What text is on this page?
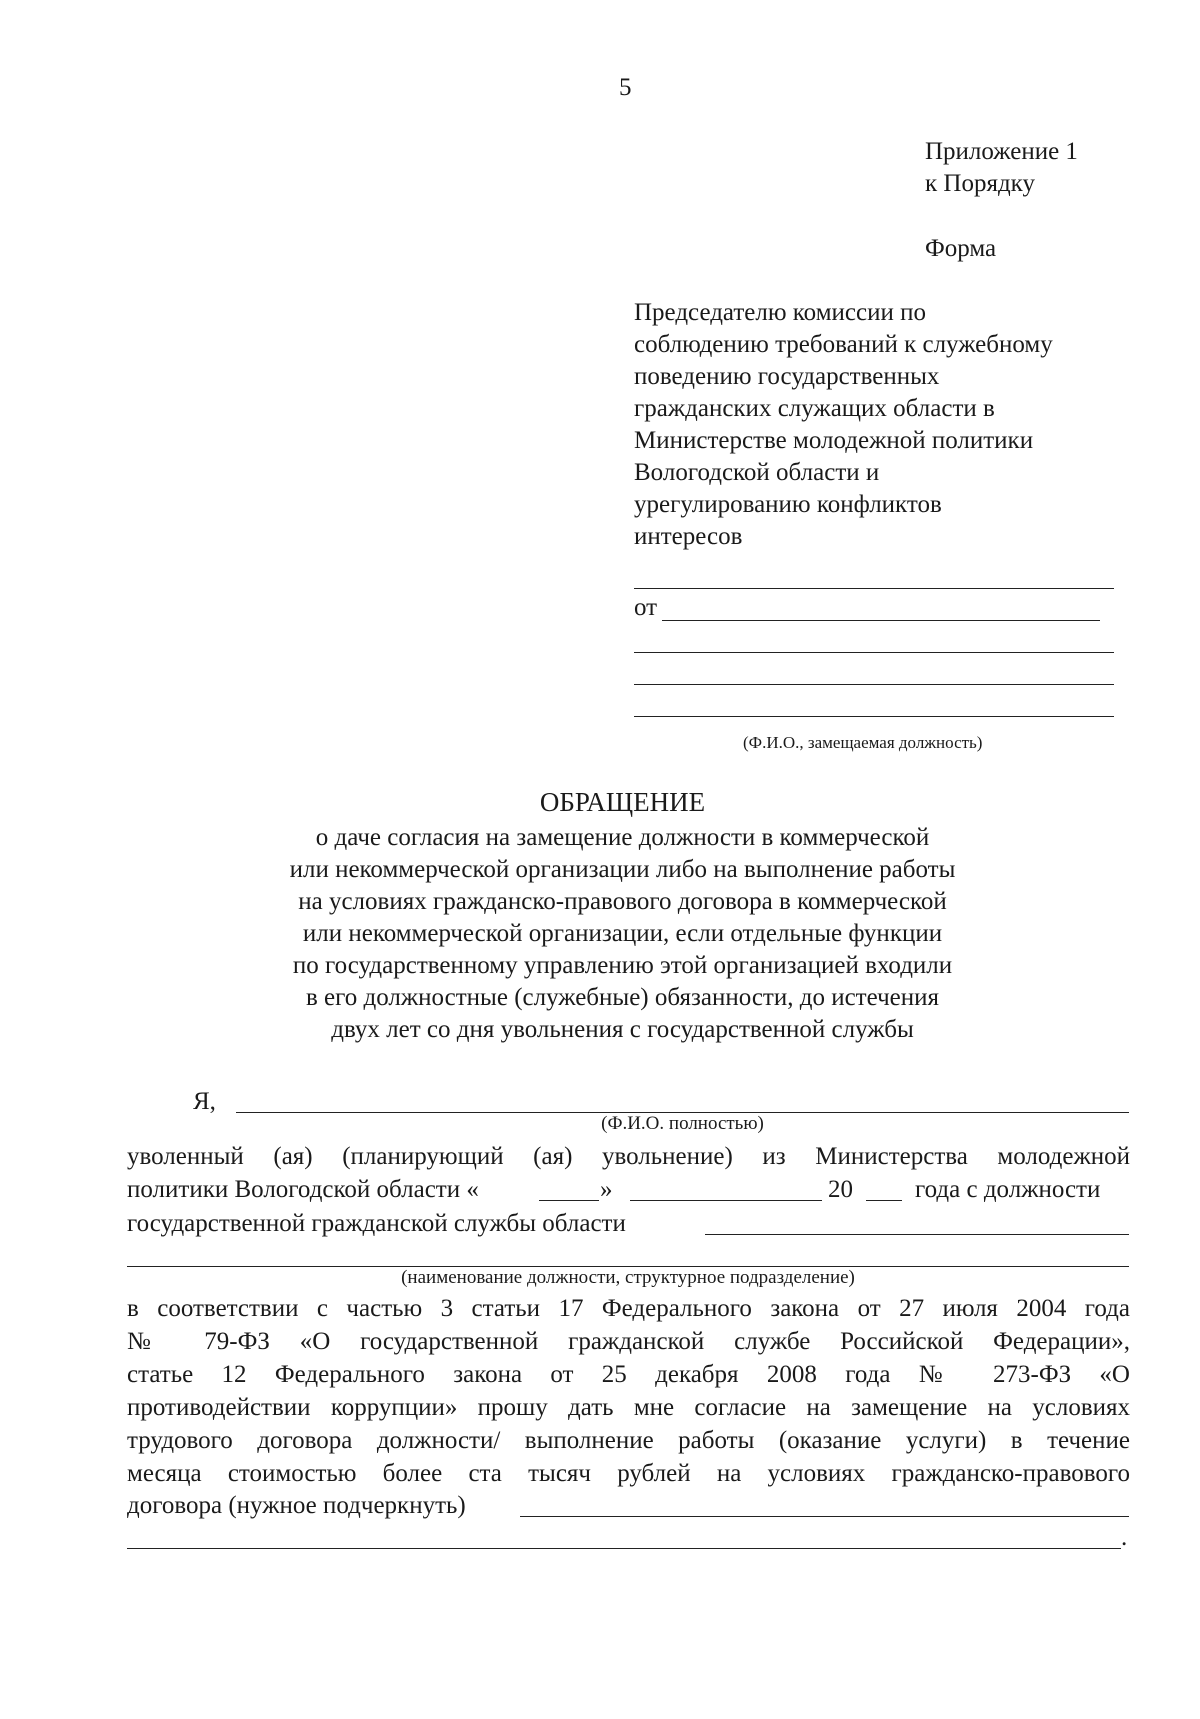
5
Приложение 1
к Порядку
Форма
Председателю комиссии по
соблюдению требований к служебному
поведению государственных
гражданских служащих области в
Министерстве молодежной политики
Вологодской области и
урегулированию конфликтов
интересов
от
(Ф.И.О., замещаемая должность)
ОБРАЩЕНИЕ
о даче согласия на замещение должности в коммерческой
или некоммерческой организации либо на выполнение работы
на условиях гражданско-правового договора в коммерческой
или некоммерческой организации, если отдельные функции
по государственному управлению этой организацией входили
в его должностные (служебные) обязанности, до истечения
двух лет со дня увольнения с государственной службы
Я,
(Ф.И.О. полностью)
уволенный (ая) (планирующий (ая) увольнение) из Министерства молодежной
политики Вологодской области «	»	20 года с должности
государственной гражданской службы области
(наименование должности, структурное подразделение)
в соответствии с частью 3 статьи 17 Федерального закона от 27 июля 2004 года
№ 79-ФЗ «О государственной гражданской службе Российской Федерации»,
статье 12 Федерального закона от 25 декабря 2008 года № 273-ФЗ «О
противодействии коррупции» прошу дать мне согласие на замещение на условиях
трудового договора должности/ выполнение работы (оказание услуги) в течение
месяца стоимостью более ста тысяч рублей на условиях гражданско-правового
договора (нужное подчеркнуть)
.
